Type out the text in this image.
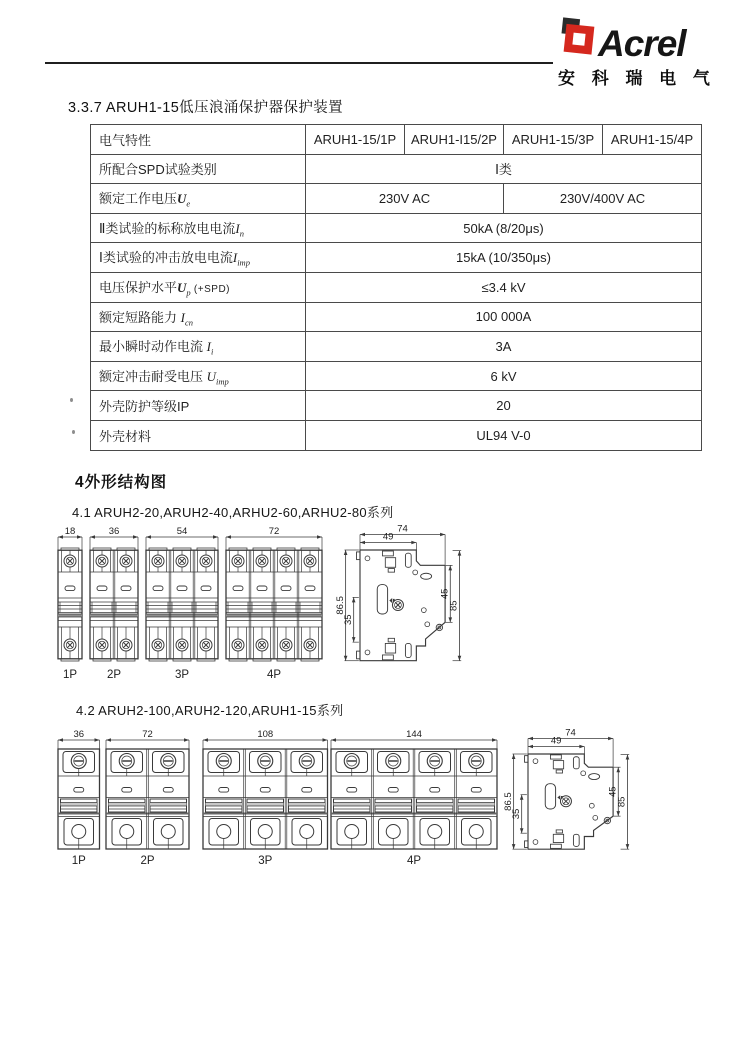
Acrel
安 科 瑞 电 气
3.3.7 ARUH1-15低压浪涌保护器保护装置
电气特性	ARUH1-15/1P	ARUH1-I15/2P	ARUH1-15/3P	ARUH1-15/4P
所配合SPD试验类别	Ⅰ类			
额定工作电压$U_e$	230V AC		230V/400V AC	
Ⅱ类试验的标称放电电流$I_n$	50kA (8/20μs)			
Ⅰ类试验的冲击放电电流$I_{imp}$	15kA (10/350μs)			
电压保护水平$U_p$ (+SPD)	≤3.4 kV			
额定短路能力 $I_{cn}$	100 000A			
最小瞬时动作电流 $I_i$	3A			
额定冲击耐受电压 $U_{imp}$	6 kV			
外壳防护等级IP	20			
外壳材料	UL94 V-0			
4外形结构图
4.1 ARUH2-20,ARUH2-40,ARHU2-60,ARHU2-80系列
18
1P
36
2P
54
3P
72
4P
74
49
86.5
35
45
85
4.2 ARUH2-100,ARUH2-120,ARUH1-15系列
36
1P
72
2P
108
3P
144
4P
74
49
86.5
35
45
85
